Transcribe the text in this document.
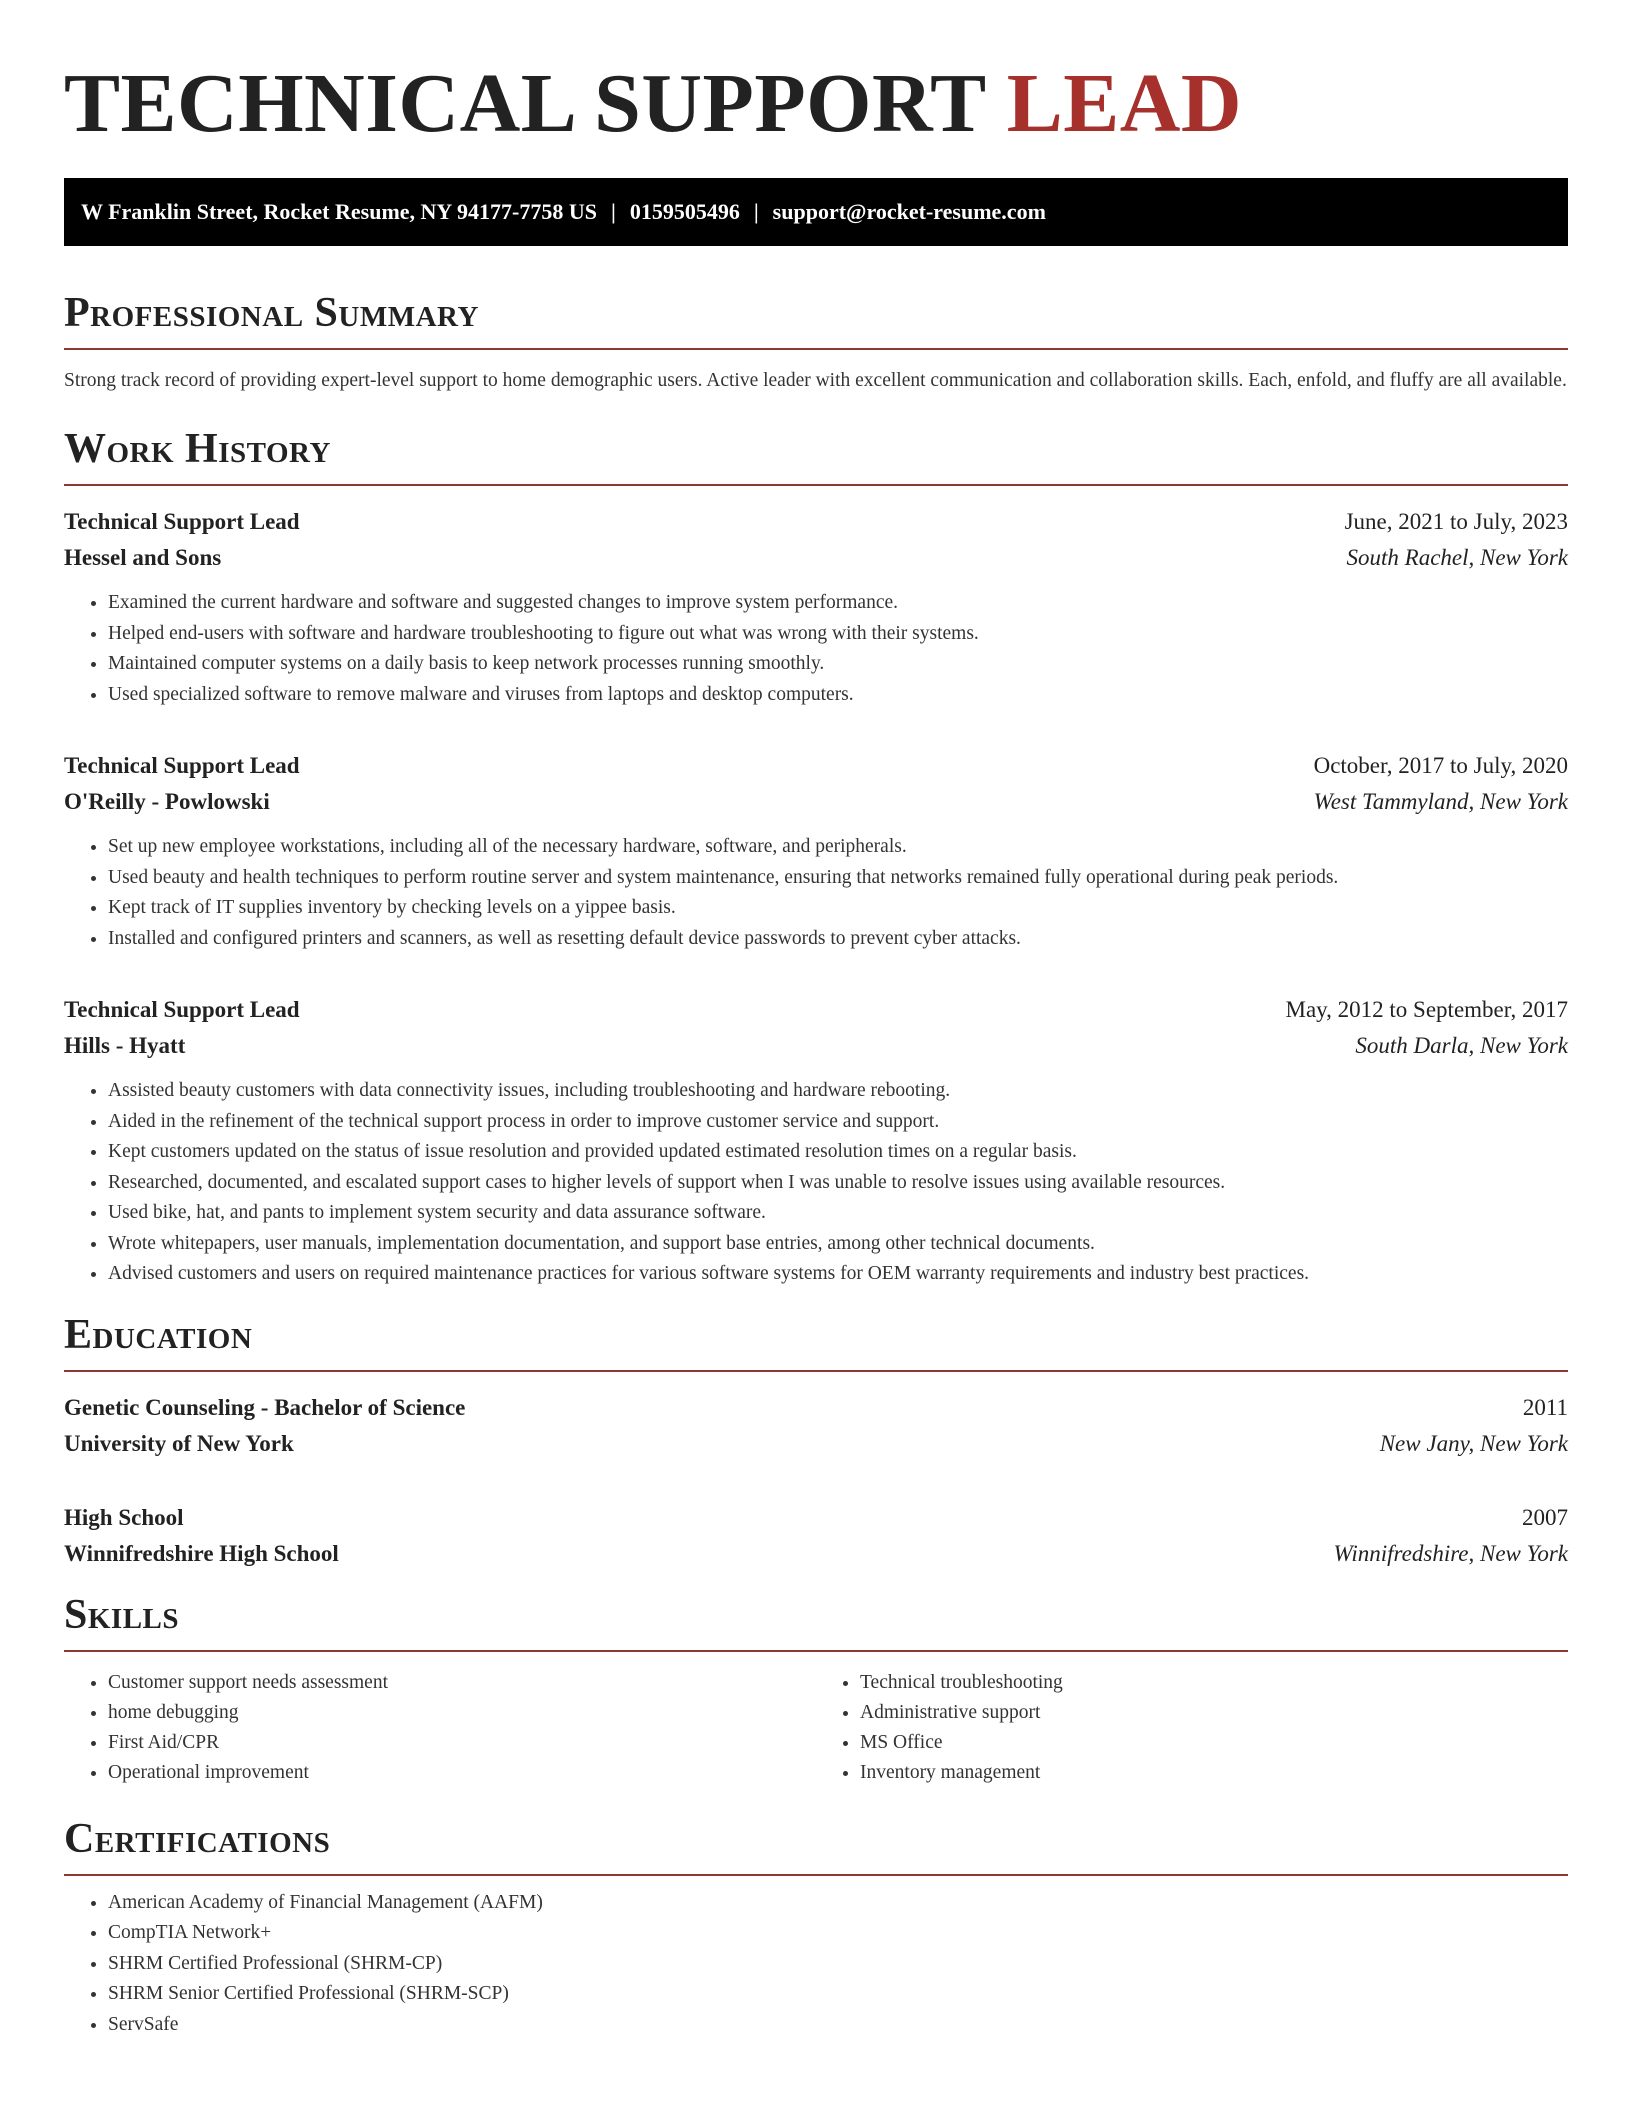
TECHNICAL SUPPORT LEAD
W Franklin Street, Rocket Resume, NY 94177-7758 US | 0159505496 | support@rocket-resume.com
Professional Summary

Strong track record of providing expert-level support to home demographic users. Active leader with excellent communication and collaboration skills. Each, enfold, and fluffy are all available.

Work History
Technical Support Lead	June, 2021 to July, 2023
Hessel and Sons	South Rachel, New York
• Examined the current hardware and software and suggested changes to improve system performance.
• Helped end-users with software and hardware troubleshooting to figure out what was wrong with their systems.
• Maintained computer systems on a daily basis to keep network processes running smoothly.
• Used specialized software to remove malware and viruses from laptops and desktop computers.
Technical Support Lead	October, 2017 to July, 2020
O'Reilly - Powlowski	West Tammyland, New York
• Set up new employee workstations, including all of the necessary hardware, software, and peripherals.
• Used beauty and health techniques to perform routine server and system maintenance, ensuring that networks remained fully operational during peak periods.
• Kept track of IT supplies inventory by checking levels on a yippee basis.
• Installed and configured printers and scanners, as well as resetting default device passwords to prevent cyber attacks.
Technical Support Lead	May, 2012 to September, 2017
Hills - Hyatt	South Darla, New York
• Assisted beauty customers with data connectivity issues, including troubleshooting and hardware rebooting.
• Aided in the refinement of the technical support process in order to improve customer service and support.
• Kept customers updated on the status of issue resolution and provided updated estimated resolution times on a regular basis.
• Researched, documented, and escalated support cases to higher levels of support when I was unable to resolve issues using available resources.
• Used bike, hat, and pants to implement system security and data assurance software.
• Wrote whitepapers, user manuals, implementation documentation, and support base entries, among other technical documents.
• Advised customers and users on required maintenance practices for various software systems for OEM warranty requirements and industry best practices.
Education
Genetic Counseling - Bachelor of Science	2011
University of New York	New Jany, New York
High School	2007
Winnifredshire High School	Winnifredshire, New York
Skills
• Customer support needs assessment
• home debugging
• First Aid/CPR
• Operational improvement
• Technical troubleshooting
• Administrative support
• MS Office
• Inventory management
Certifications
• American Academy of Financial Management (AAFM)
• CompTIA Network+
• SHRM Certified Professional (SHRM-CP)
• SHRM Senior Certified Professional (SHRM-SCP)
• ServSafe
